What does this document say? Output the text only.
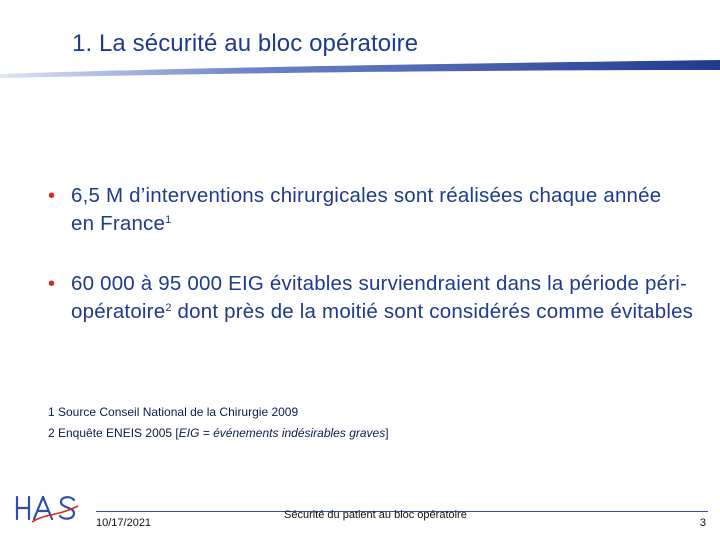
1. La sécurité au bloc opératoire
• 6,5 M d’interventions chirurgicales sont réalisées chaque année en France$^1$
• 60 000 à 95 000 EIG évitables surviendraient dans la période péri-opératoire$^2$ dont près de la moitié sont considérés comme évitables
1 Source Conseil National de la Chirurgie 2009
2 Enquête ENEIS 2005 [EIG = événements indésirables graves]
10/17/2021
Sécurité du patient au bloc opératoire
3
